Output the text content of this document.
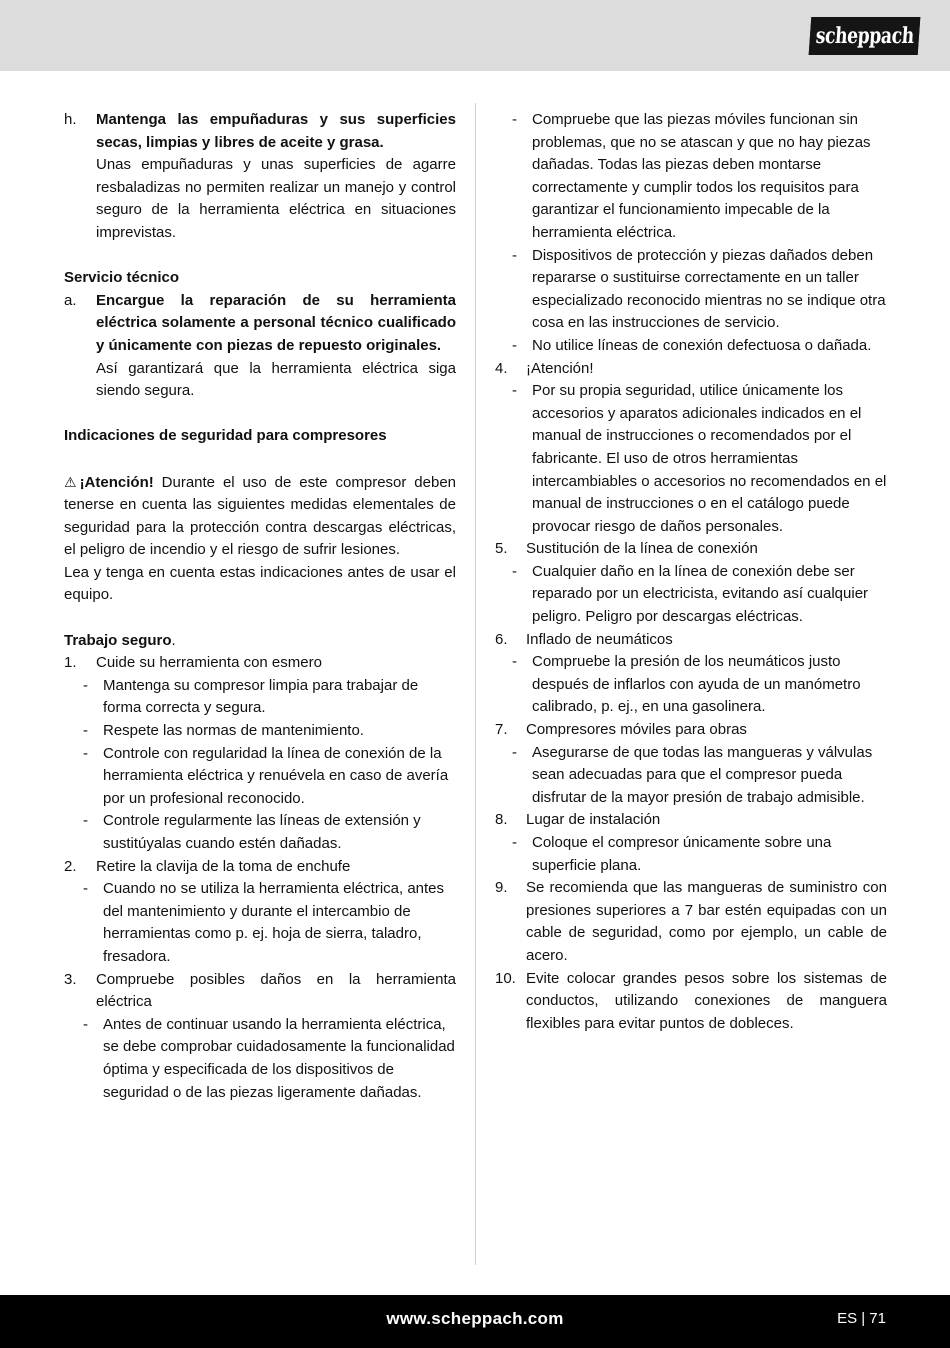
scheppach
h.	Mantenga las empuñaduras y sus superficies secas, limpias y libres de aceite y grasa.
Unas empuñaduras y unas superficies de agarre resbaladizas no permiten realizar un manejo y control seguro de la herramienta eléctrica en situaciones imprevistas.
Servicio técnico
a.	Encargue la reparación de su herramienta eléctrica solamente a personal técnico cualificado y únicamente con piezas de repuesto originales.
Así garantizará que la herramienta eléctrica siga siendo segura.
Indicaciones de seguridad para compresores
⚠ ¡Atención! Durante el uso de este compresor deben tenerse en cuenta las siguientes medidas elementales de seguridad para la protección contra descargas eléctricas, el peligro de incendio y el riesgo de sufrir lesiones.
Lea y tenga en cuenta estas indicaciones antes de usar el equipo.
Trabajo seguro.
1.	Cuide su herramienta con esmero
-	Mantenga su compresor limpia para trabajar de forma correcta y segura.
-	Respete las normas de mantenimiento.
-	Controle con regularidad la línea de conexión de la herramienta eléctrica y renuévela en caso de avería por un profesional reconocido.
-	Controle regularmente las líneas de extensión y sustitúyalas cuando estén dañadas.
2.	Retire la clavija de la toma de enchufe
-	Cuando no se utiliza la herramienta eléctrica, antes del mantenimiento y durante el intercambio de herramientas como p. ej. hoja de sierra, taladro, fresadora.
3.	Compruebe posibles daños en la herramienta eléctrica
-	Antes de continuar usando la herramienta eléctrica, se debe comprobar cuidadosamente la funcionalidad óptima y especificada de los dispositivos de seguridad o de las piezas ligeramente dañadas.
-	Compruebe que las piezas móviles funcionan sin problemas, que no se atascan y que no hay piezas dañadas. Todas las piezas deben montarse correctamente y cumplir todos los requisitos para garantizar el funcionamiento impecable de la herramienta eléctrica.
-	Dispositivos de protección y piezas dañados deben repararse o sustituirse correctamente en un taller especializado reconocido mientras no se indique otra cosa en las instrucciones de servicio.
-	No utilice líneas de conexión defectuosa o dañada.
4.	¡Atención!
-	Por su propia seguridad, utilice únicamente los accesorios y aparatos adicionales indicados en el manual de instrucciones o recomendados por el fabricante. El uso de otros herramientas intercambiables o accesorios no recomendados en el manual de instrucciones o en el catálogo puede provocar riesgo de daños personales.
5.	Sustitución de la línea de conexión
-	Cualquier daño en la línea de conexión debe ser reparado por un electricista, evitando así cualquier peligro. Peligro por descargas eléctricas.
6.	Inflado de neumáticos
-	Compruebe la presión de los neumáticos justo después de inflarlos con ayuda de un manómetro calibrado, p. ej., en una gasolinera.
7.	Compresores móviles para obras
-	Asegurarse de que todas las mangueras y válvulas sean adecuadas para que el compresor pueda disfrutar de la mayor presión de trabajo admisible.
8.	Lugar de instalación
-	Coloque el compresor únicamente sobre una superficie plana.
9.	Se recomienda que las mangueras de suministro con presiones superiores a 7 bar estén equipadas con un cable de seguridad, como por ejemplo, un cable de acero.
10. Evite colocar grandes pesos sobre los sistemas de conductos, utilizando conexiones de manguera flexibles para evitar puntos de dobleces.
www.scheppach.com	ES | 71
